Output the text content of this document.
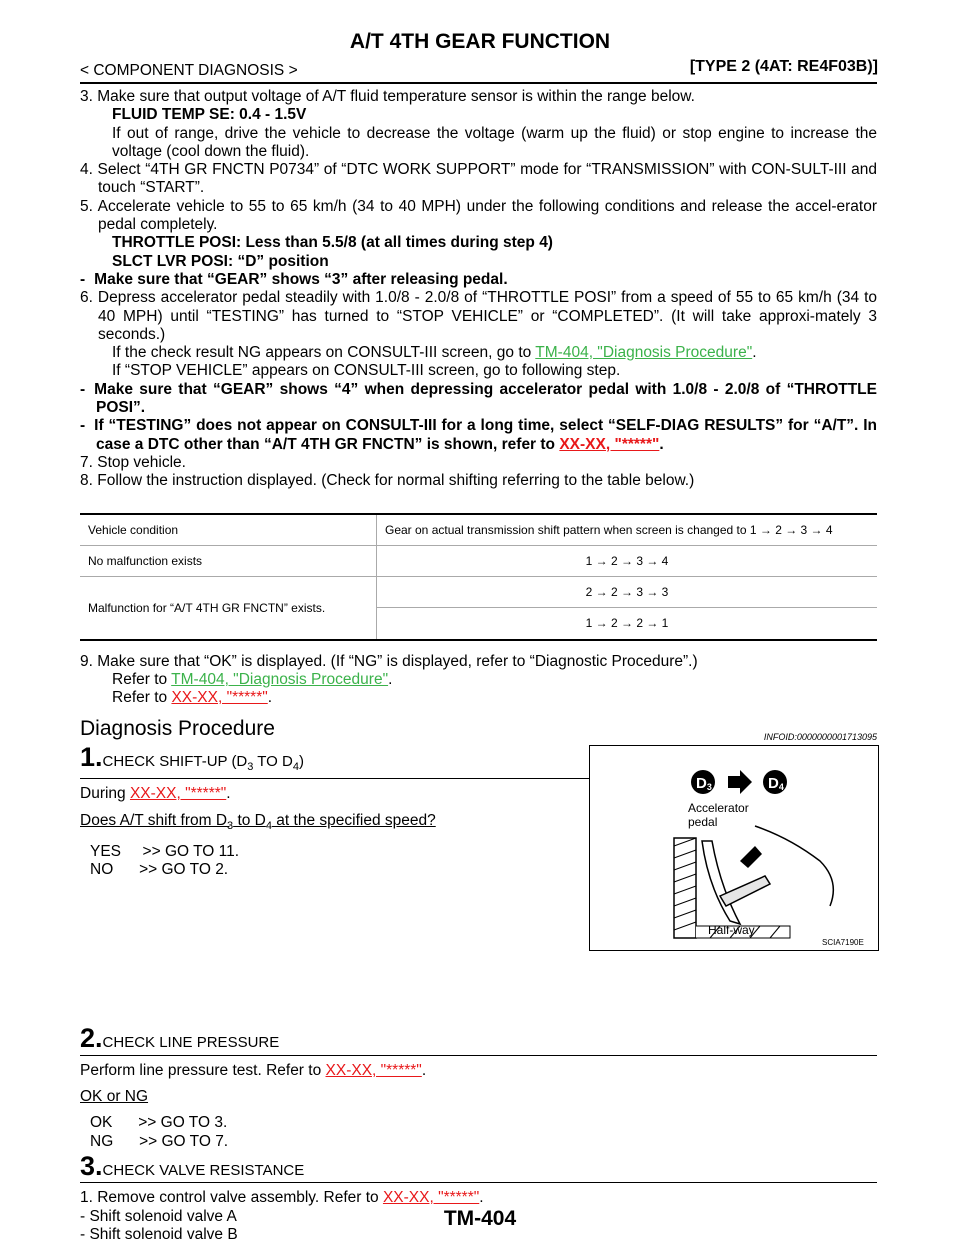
A/T 4TH GEAR FUNCTION
< COMPONENT DIAGNOSIS >	[TYPE 2 (4AT: RE4F03B)]

3. Make sure that output voltage of A/T fluid temperature sensor is within the range below.

FLUID TEMP SE: 0.4 - 1.5V

If out of range, drive the vehicle to decrease the voltage (warm up the fluid) or stop engine to increase the voltage (cool down the fluid).

4. Select “4TH GR FNCTN P0734” of “DTC WORK SUPPORT” mode for “TRANSMISSION” with CON-SULT-III and touch “START”.

5. Accelerate vehicle to 55 to 65 km/h (34 to 40 MPH) under the following conditions and release the accel-erator pedal completely.

THROTTLE POSI: Less than 5.5/8 (at all times during step 4)

SLCT LVR POSI: “D” position

- Make sure that “GEAR” shows “3” after releasing pedal.

6. Depress accelerator pedal steadily with 1.0/8 - 2.0/8 of “THROTTLE POSI” from a speed of 55 to 65 km/h (34 to 40 MPH) until “TESTING” has turned to “STOP VEHICLE” or “COMPLETED”. (It will take approxi-mately 3 seconds.)

If the check result NG appears on CONSULT-III screen, go to TM-404, "Diagnosis Procedure".

If “STOP VEHICLE” appears on CONSULT-III screen, go to following step.

- Make sure that “GEAR” shows “4” when depressing accelerator pedal with 1.0/8 - 2.0/8 of “THROTTLE POSI”.

- If “TESTING” does not appear on CONSULT-III for a long time, select “SELF-DIAG RESULTS” for “A/T”. In case a DTC other than “A/T 4TH GR FNCTN” is shown, refer to XX-XX, "*****".

7. Stop vehicle.

8. Follow the instruction displayed. (Check for normal shifting referring to the table below.)

Vehicle condition	Gear on actual transmission shift pattern when screen is changed to 1 → 2 → 3 → 4
No malfunction exists	1 → 2 → 3 → 4
Malfunction for “A/T 4TH GR FNCTN” exists.	2 → 2 → 3 → 3
	1 → 2 → 2 → 1

9. Make sure that “OK” is displayed. (If “NG” is displayed, refer to “Diagnostic Procedure”.)

Refer to TM-404, "Diagnosis Procedure".

Refer to XX-XX, "*****".

Diagnosis Procedure	INFOID:0000000001713095
1.CHECK SHIFT-UP ($D_3$ TO $D_4$)

During XX-XX, "*****".

Does A/T shift from $D_3$ to $D_4$ at the specified speed?

YES     >> GO TO 11.

NO      >> GO TO 2.

2.CHECK LINE PRESSURE

Perform line pressure test. Refer to XX-XX, "*****".

OK or NG

OK      >> GO TO 3.

NG      >> GO TO 7.

3.CHECK VALVE RESISTANCE

1. Remove control valve assembly. Refer to XX-XX, "*****".

- Shift solenoid valve A

- Shift solenoid valve B

D3	D4
Accelerator
pedal
Half-way
SCIA7190E
TM-404
